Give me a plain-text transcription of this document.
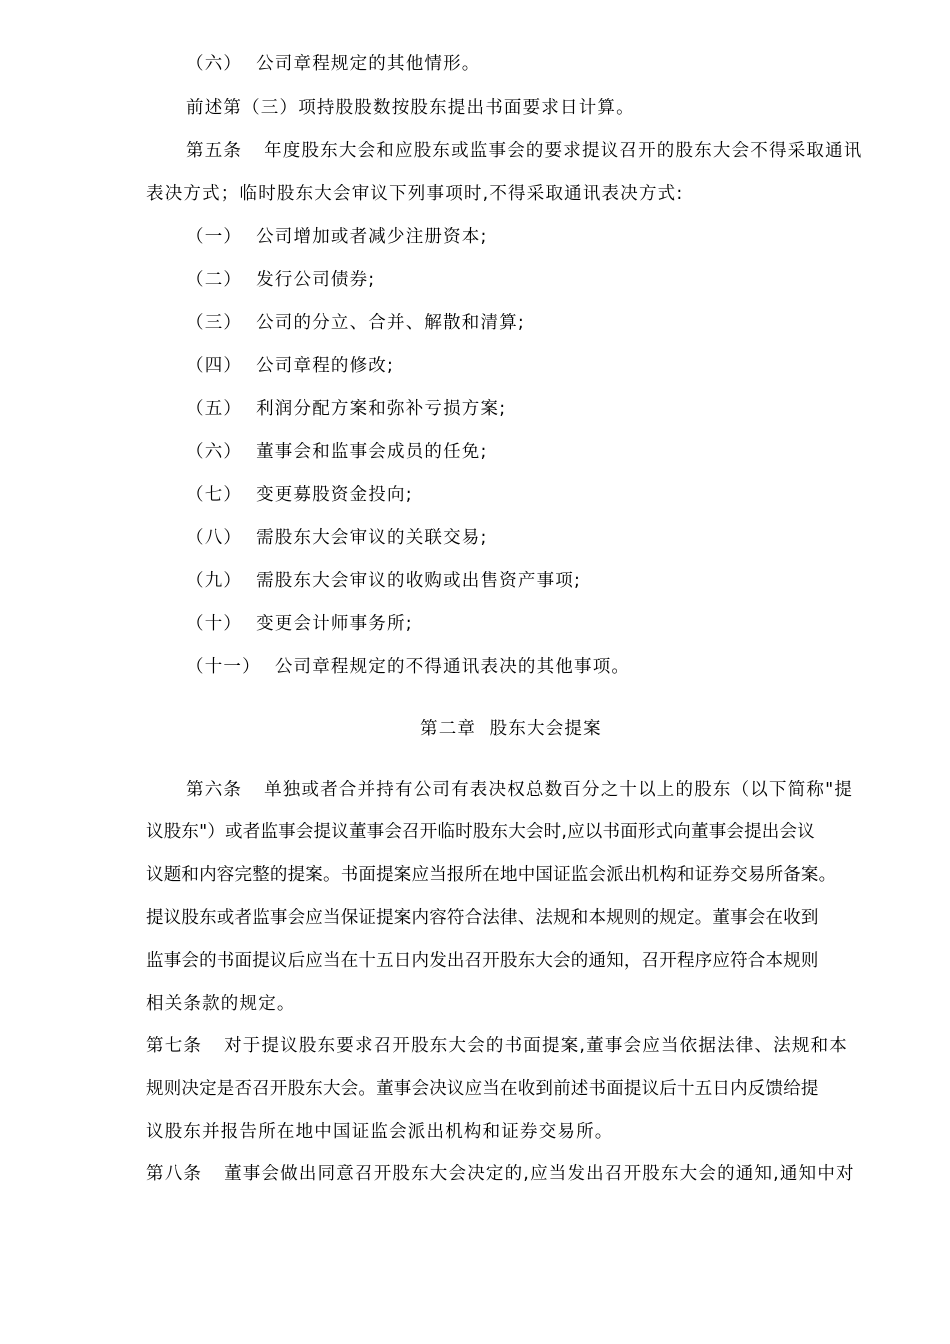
（六） 公司章程规定的其他情形。
前述第（三）项持股股数按股东提出书面要求日计算。
第五条 年度股东大会和应股东或监事会的要求提议召开的股东大会不得采取通讯
表决方式；临时股东大会审议下列事项时,不得采取通讯表决方式:
（一） 公司增加或者减少注册资本;
（二） 发行公司债券;
（三） 公司的分立、合并、解散和清算;
（四） 公司章程的修改;
（五） 利润分配方案和弥补亏损方案;
（六） 董事会和监事会成员的任免;
（七） 变更募股资金投向;
（八） 需股东大会审议的关联交易;
（九） 需股东大会审议的收购或出售资产事项;
（十） 变更会计师事务所;
（十一） 公司章程规定的不得通讯表决的其他事项。
第二章  股东大会提案
第六条 单独或者合并持有公司有表决权总数百分之十以上的股东（以下简称"提
议股东"）或者监事会提议董事会召开临时股东大会时,应以书面形式向董事会提出会议
议题和内容完整的提案。书面提案应当报所在地中国证监会派出机构和证券交易所备案。
提议股东或者监事会应当保证提案内容符合法律、法规和本规则的规定。董事会在收到
监事会的书面提议后应当在十五日内发出召开股东大会的通知，召开程序应符合本规则
相关条款的规定。
第七条 对于提议股东要求召开股东大会的书面提案,董事会应当依据法律、法规和本
规则决定是否召开股东大会。董事会决议应当在收到前述书面提议后十五日内反馈给提
议股东并报告所在地中国证监会派出机构和证券交易所。
第八条 董事会做出同意召开股东大会决定的,应当发出召开股东大会的通知,通知中对
